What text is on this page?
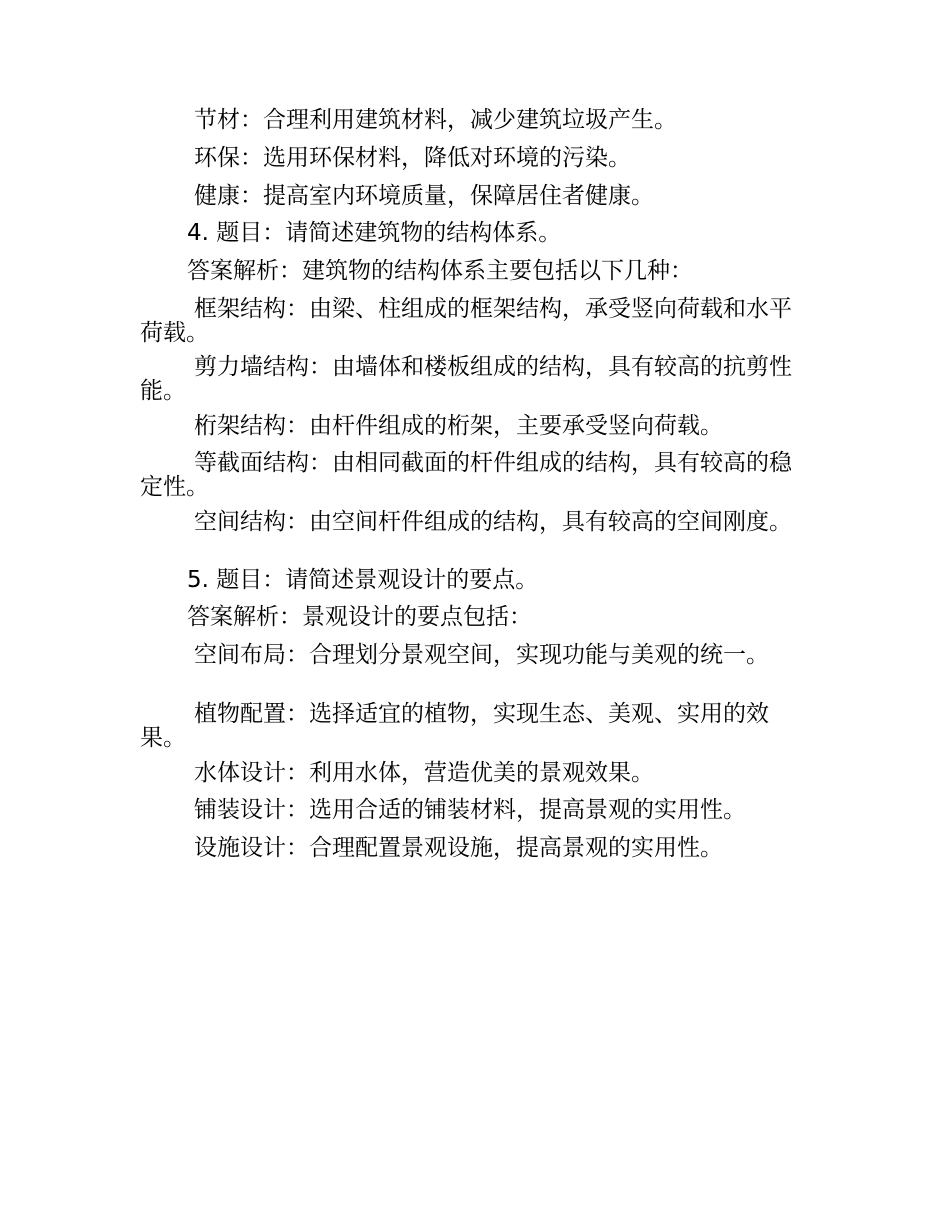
节材：合理利用建筑材料，减少建筑垃圾产生。

环保：选用环保材料，降低对环境的污染。

健康：提高室内环境质量，保障居住者健康。

4. 题目：请简述建筑物的结构体系。

答案解析：建筑物的结构体系主要包括以下几种：

框架结构：由梁、柱组成的框架结构，承受竖向荷载和水平荷载。

剪力墙结构：由墙体和楼板组成的结构，具有较高的抗剪性能。

桁架结构：由杆件组成的桁架，主要承受竖向荷载。

等截面结构：由相同截面的杆件组成的结构，具有较高的稳定性。

空间结构：由空间杆件组成的结构，具有较高的空间刚度。

5. 题目：请简述景观设计的要点。

答案解析：景观设计的要点包括：

空间布局：合理划分景观空间，实现功能与美观的统一。

植物配置：选择适宜的植物，实现生态、美观、实用的效果。

水体设计：利用水体，营造优美的景观效果。

铺装设计：选用合适的铺装材料，提高景观的实用性。

设施设计：合理配置景观设施，提高景观的实用性。
